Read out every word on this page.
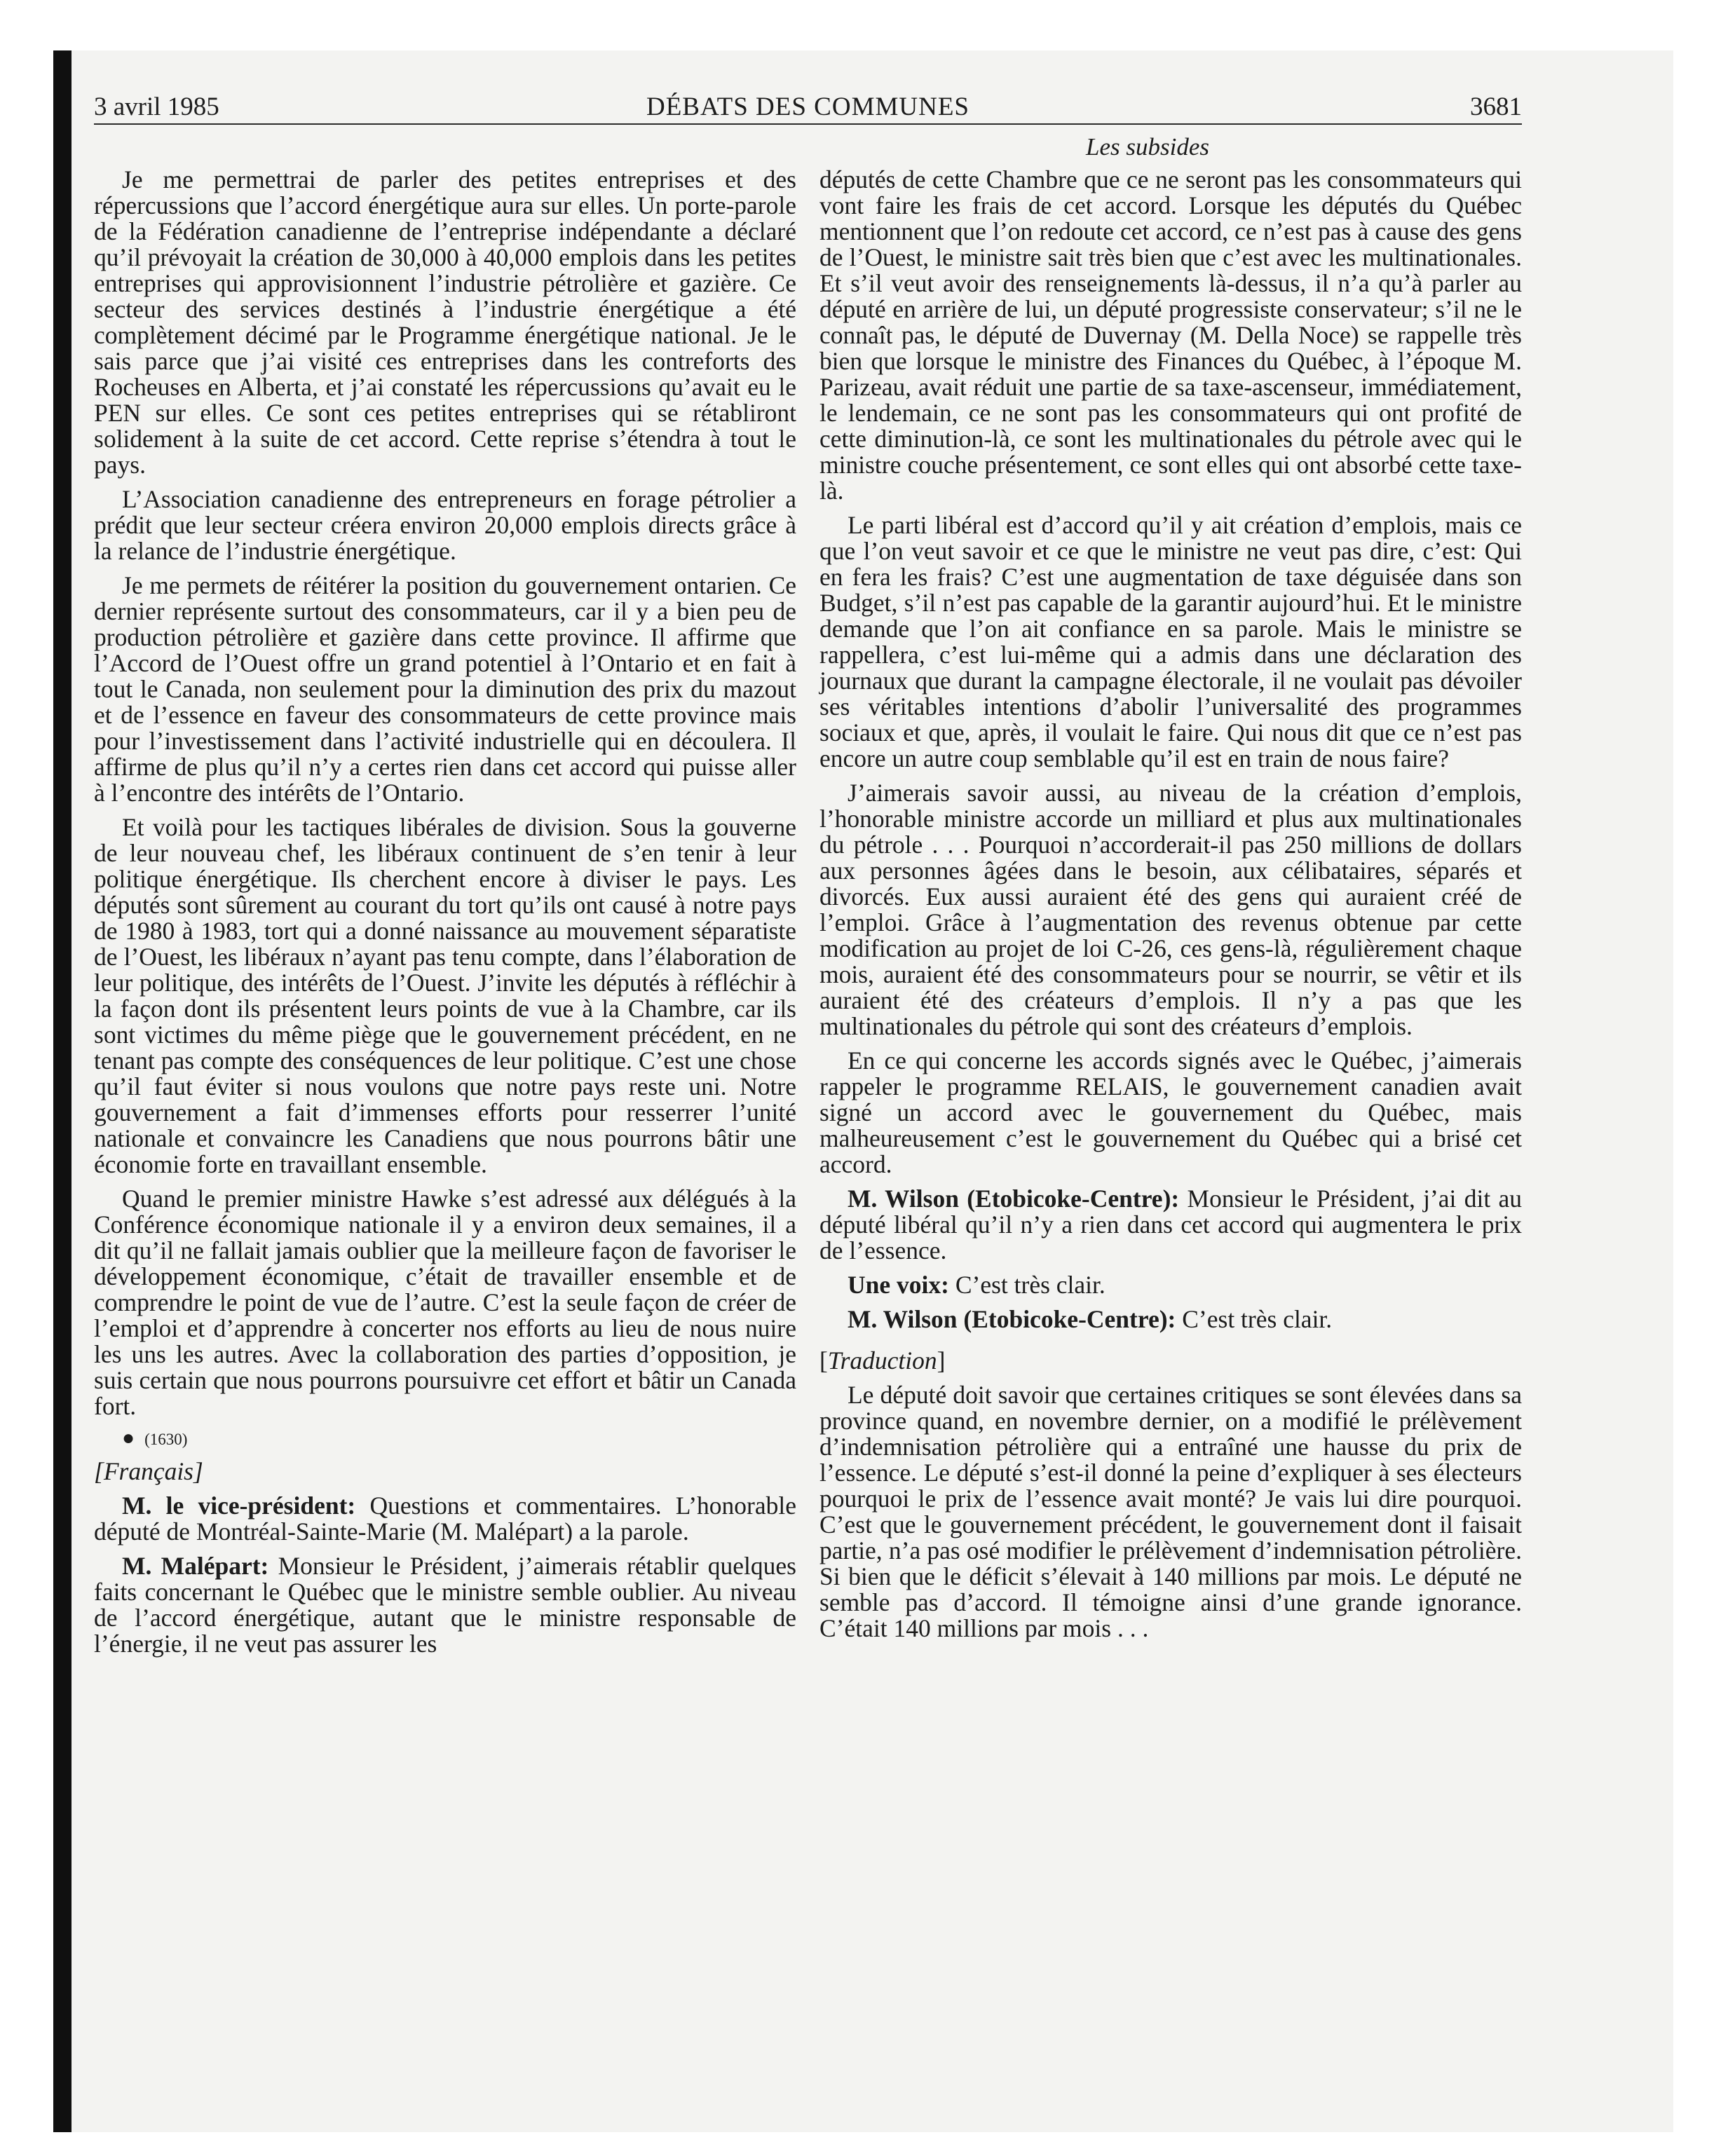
DÉBATS DES COMMUNES
3 avril 1985	3681
Les subsides

Je me permettrai de parler des petites entreprises et des répercussions que l’accord énergétique aura sur elles. Un porte-parole de la Fédération canadienne de l’entreprise indépendante a déclaré qu’il prévoyait la création de 30,000 à 40,000 emplois dans les petites entreprises qui approvisionnent l’industrie pétrolière et gazière. Ce secteur des services destinés à l’industrie énergétique a été complètement décimé par le Programme énergétique national. Je le sais parce que j’ai visité ces entreprises dans les contreforts des Rocheuses en Alberta, et j’ai constaté les répercussions qu’avait eu le PEN sur elles. Ce sont ces petites entreprises qui se rétabliront solidement à la suite de cet accord. Cette reprise s’étendra à tout le pays.

L’Association canadienne des entrepreneurs en forage pétrolier a prédit que leur secteur créera environ 20,000 emplois directs grâce à la relance de l’industrie énergétique.

Je me permets de réitérer la position du gouvernement ontarien. Ce dernier représente surtout des consommateurs, car il y a bien peu de production pétrolière et gazière dans cette province. Il affirme que l’Accord de l’Ouest offre un grand potentiel à l’Ontario et en fait à tout le Canada, non seulement pour la diminution des prix du mazout et de l’essence en faveur des consommateurs de cette province mais pour l’investissement dans l’activité industrielle qui en découlera. Il affirme de plus qu’il n’y a certes rien dans cet accord qui puisse aller à l’encontre des intérêts de l’Ontario.

Et voilà pour les tactiques libérales de division. Sous la gouverne de leur nouveau chef, les libéraux continuent de s’en tenir à leur politique énergétique. Ils cherchent encore à diviser le pays. Les députés sont sûrement au courant du tort qu’ils ont causé à notre pays de 1980 à 1983, tort qui a donné naissance au mouvement séparatiste de l’Ouest, les libéraux n’ayant pas tenu compte, dans l’élaboration de leur politique, des intérêts de l’Ouest. J’invite les députés à réfléchir à la façon dont ils présentent leurs points de vue à la Chambre, car ils sont victimes du même piège que le gouvernement précédent, en ne tenant pas compte des conséquences de leur politique. C’est une chose qu’il faut éviter si nous voulons que notre pays reste uni. Notre gouvernement a fait d’immenses efforts pour resserrer l’unité nationale et convaincre les Canadiens que nous pourrons bâtir une économie forte en travaillant ensemble.

Quand le premier ministre Hawke s’est adressé aux délégués à la Conférence économique nationale il y a environ deux semaines, il a dit qu’il ne fallait jamais oublier que la meilleure façon de favoriser le développement économique, c’était de travailler ensemble et de comprendre le point de vue de l’autre. C’est la seule façon de créer de l’emploi et d’apprendre à concerter nos efforts au lieu de nous nuire les uns les autres. Avec la collaboration des parties d’opposition, je suis certain que nous pourrons poursuivre cet effort et bâtir un Canada fort.

● (1630)

[Français]

M. le vice-président: Questions et commentaires. L’honorable député de Montréal-Sainte-Marie (M. Malépart) a la parole.

M. Malépart: Monsieur le Président, j’aimerais rétablir quelques faits concernant le Québec que le ministre semble oublier. Au niveau de l’accord énergétique, autant que le ministre responsable de l’énergie, il ne veut pas assurer les

députés de cette Chambre que ce ne seront pas les consommateurs qui vont faire les frais de cet accord. Lorsque les députés du Québec mentionnent que l’on redoute cet accord, ce n’est pas à cause des gens de l’Ouest, le ministre sait très bien que c’est avec les multinationales. Et s’il veut avoir des renseignements là-dessus, il n’a qu’à parler au député en arrière de lui, un député progressiste conservateur; s’il ne le connaît pas, le député de Duvernay (M. Della Noce) se rappelle très bien que lorsque le ministre des Finances du Québec, à l’époque M. Parizeau, avait réduit une partie de sa taxe-ascenseur, immédiatement, le lendemain, ce ne sont pas les consommateurs qui ont profité de cette diminution-là, ce sont les multinationales du pétrole avec qui le ministre couche présentement, ce sont elles qui ont absorbé cette taxe-là.

Le parti libéral est d’accord qu’il y ait création d’emplois, mais ce que l’on veut savoir et ce que le ministre ne veut pas dire, c’est: Qui en fera les frais? C’est une augmentation de taxe déguisée dans son Budget, s’il n’est pas capable de la garantir aujourd’hui. Et le ministre demande que l’on ait confiance en sa parole. Mais le ministre se rappellera, c’est lui-même qui a admis dans une déclaration des journaux que durant la campagne électorale, il ne voulait pas dévoiler ses véritables intentions d’abolir l’universalité des programmes sociaux et que, après, il voulait le faire. Qui nous dit que ce n’est pas encore un autre coup semblable qu’il est en train de nous faire?

J’aimerais savoir aussi, au niveau de la création d’emplois, l’honorable ministre accorde un milliard et plus aux multinationales du pétrole . . . Pourquoi n’accorderait-il pas 250 millions de dollars aux personnes âgées dans le besoin, aux célibataires, séparés et divorcés. Eux aussi auraient été des gens qui auraient créé de l’emploi. Grâce à l’augmentation des revenus obtenue par cette modification au projet de loi C-26, ces gens-là, régulièrement chaque mois, auraient été des consommateurs pour se nourrir, se vêtir et ils auraient été des créateurs d’emplois. Il n’y a pas que les multinationales du pétrole qui sont des créateurs d’emplois.

En ce qui concerne les accords signés avec le Québec, j’aimerais rappeler le programme RELAIS, le gouvernement canadien avait signé un accord avec le gouvernement du Québec, mais malheureusement c’est le gouvernement du Québec qui a brisé cet accord.

M. Wilson (Etobicoke-Centre): Monsieur le Président, j’ai dit au député libéral qu’il n’y a rien dans cet accord qui augmentera le prix de l’essence.

Une voix: C’est très clair.

M. Wilson (Etobicoke-Centre): C’est très clair.

[Traduction]

Le député doit savoir que certaines critiques se sont élevées dans sa province quand, en novembre dernier, on a modifié le prélèvement d’indemnisation pétrolière qui a entraîné une hausse du prix de l’essence. Le député s’est-il donné la peine d’expliquer à ses électeurs pourquoi le prix de l’essence avait monté? Je vais lui dire pourquoi. C’est que le gouvernement précédent, le gouvernement dont il faisait partie, n’a pas osé modifier le prélèvement d’indemnisation pétrolière. Si bien que le déficit s’élevait à 140 millions par mois. Le député ne semble pas d’accord. Il témoigne ainsi d’une grande ignorance. C’était 140 millions par mois . . .
